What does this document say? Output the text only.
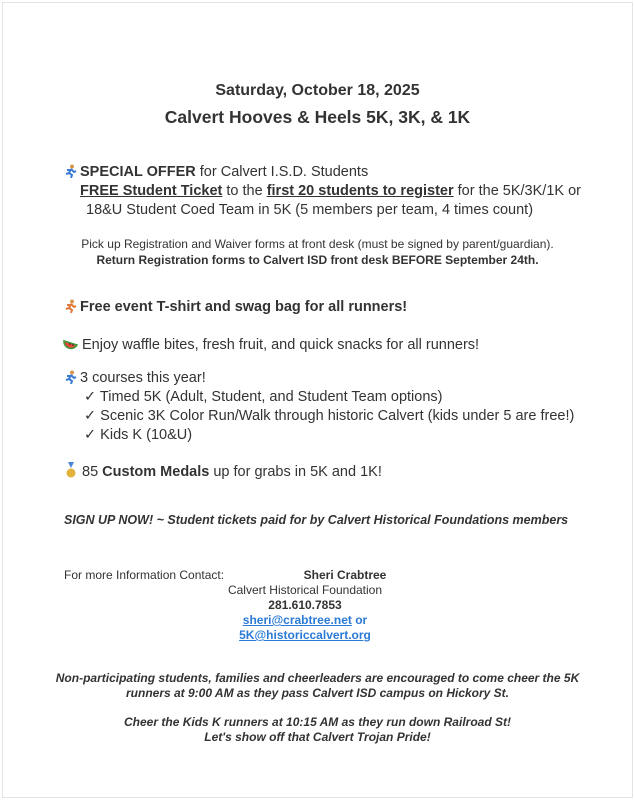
Saturday, October 18, 2025
Calvert Hooves & Heels 5K, 3K, & 1K
SPECIAL OFFER for Calvert I.S.D. Students
FREE Student Ticket to the first 20 students to register for the 5K/3K/1K or
18&U Student Coed Team in 5K (5 members per team, 4 times count)
Pick up Registration and Waiver forms at front desk (must be signed by parent/guardian).
Return Registration forms to Calvert ISD front desk BEFORE September 24th.
Free event T-shirt and swag bag for all runners!
Enjoy waffle bites, fresh fruit, and quick snacks for all runners!
3 courses this year!
✓ Timed 5K (Adult, Student, and Student Team options)
✓ Scenic 3K Color Run/Walk through historic Calvert (kids under 5 are free!)
✓ Kids K (10&U)
85 Custom Medals up for grabs in 5K and 1K!
SIGN UP NOW! ~ Student tickets paid for by Calvert Historical Foundations members
For more Information Contact:	Sheri Crabtree
Calvert Historical Foundation
281.610.7853
sheri@crabtree.net or
5K@historiccalvert.org
Non-participating students, families and cheerleaders are encouraged to come cheer the 5K
runners at 9:00 AM as they pass Calvert ISD campus on Hickory St.
Cheer the Kids K runners at 10:15 AM as they run down Railroad St!
Let's show off that Calvert Trojan Pride!
